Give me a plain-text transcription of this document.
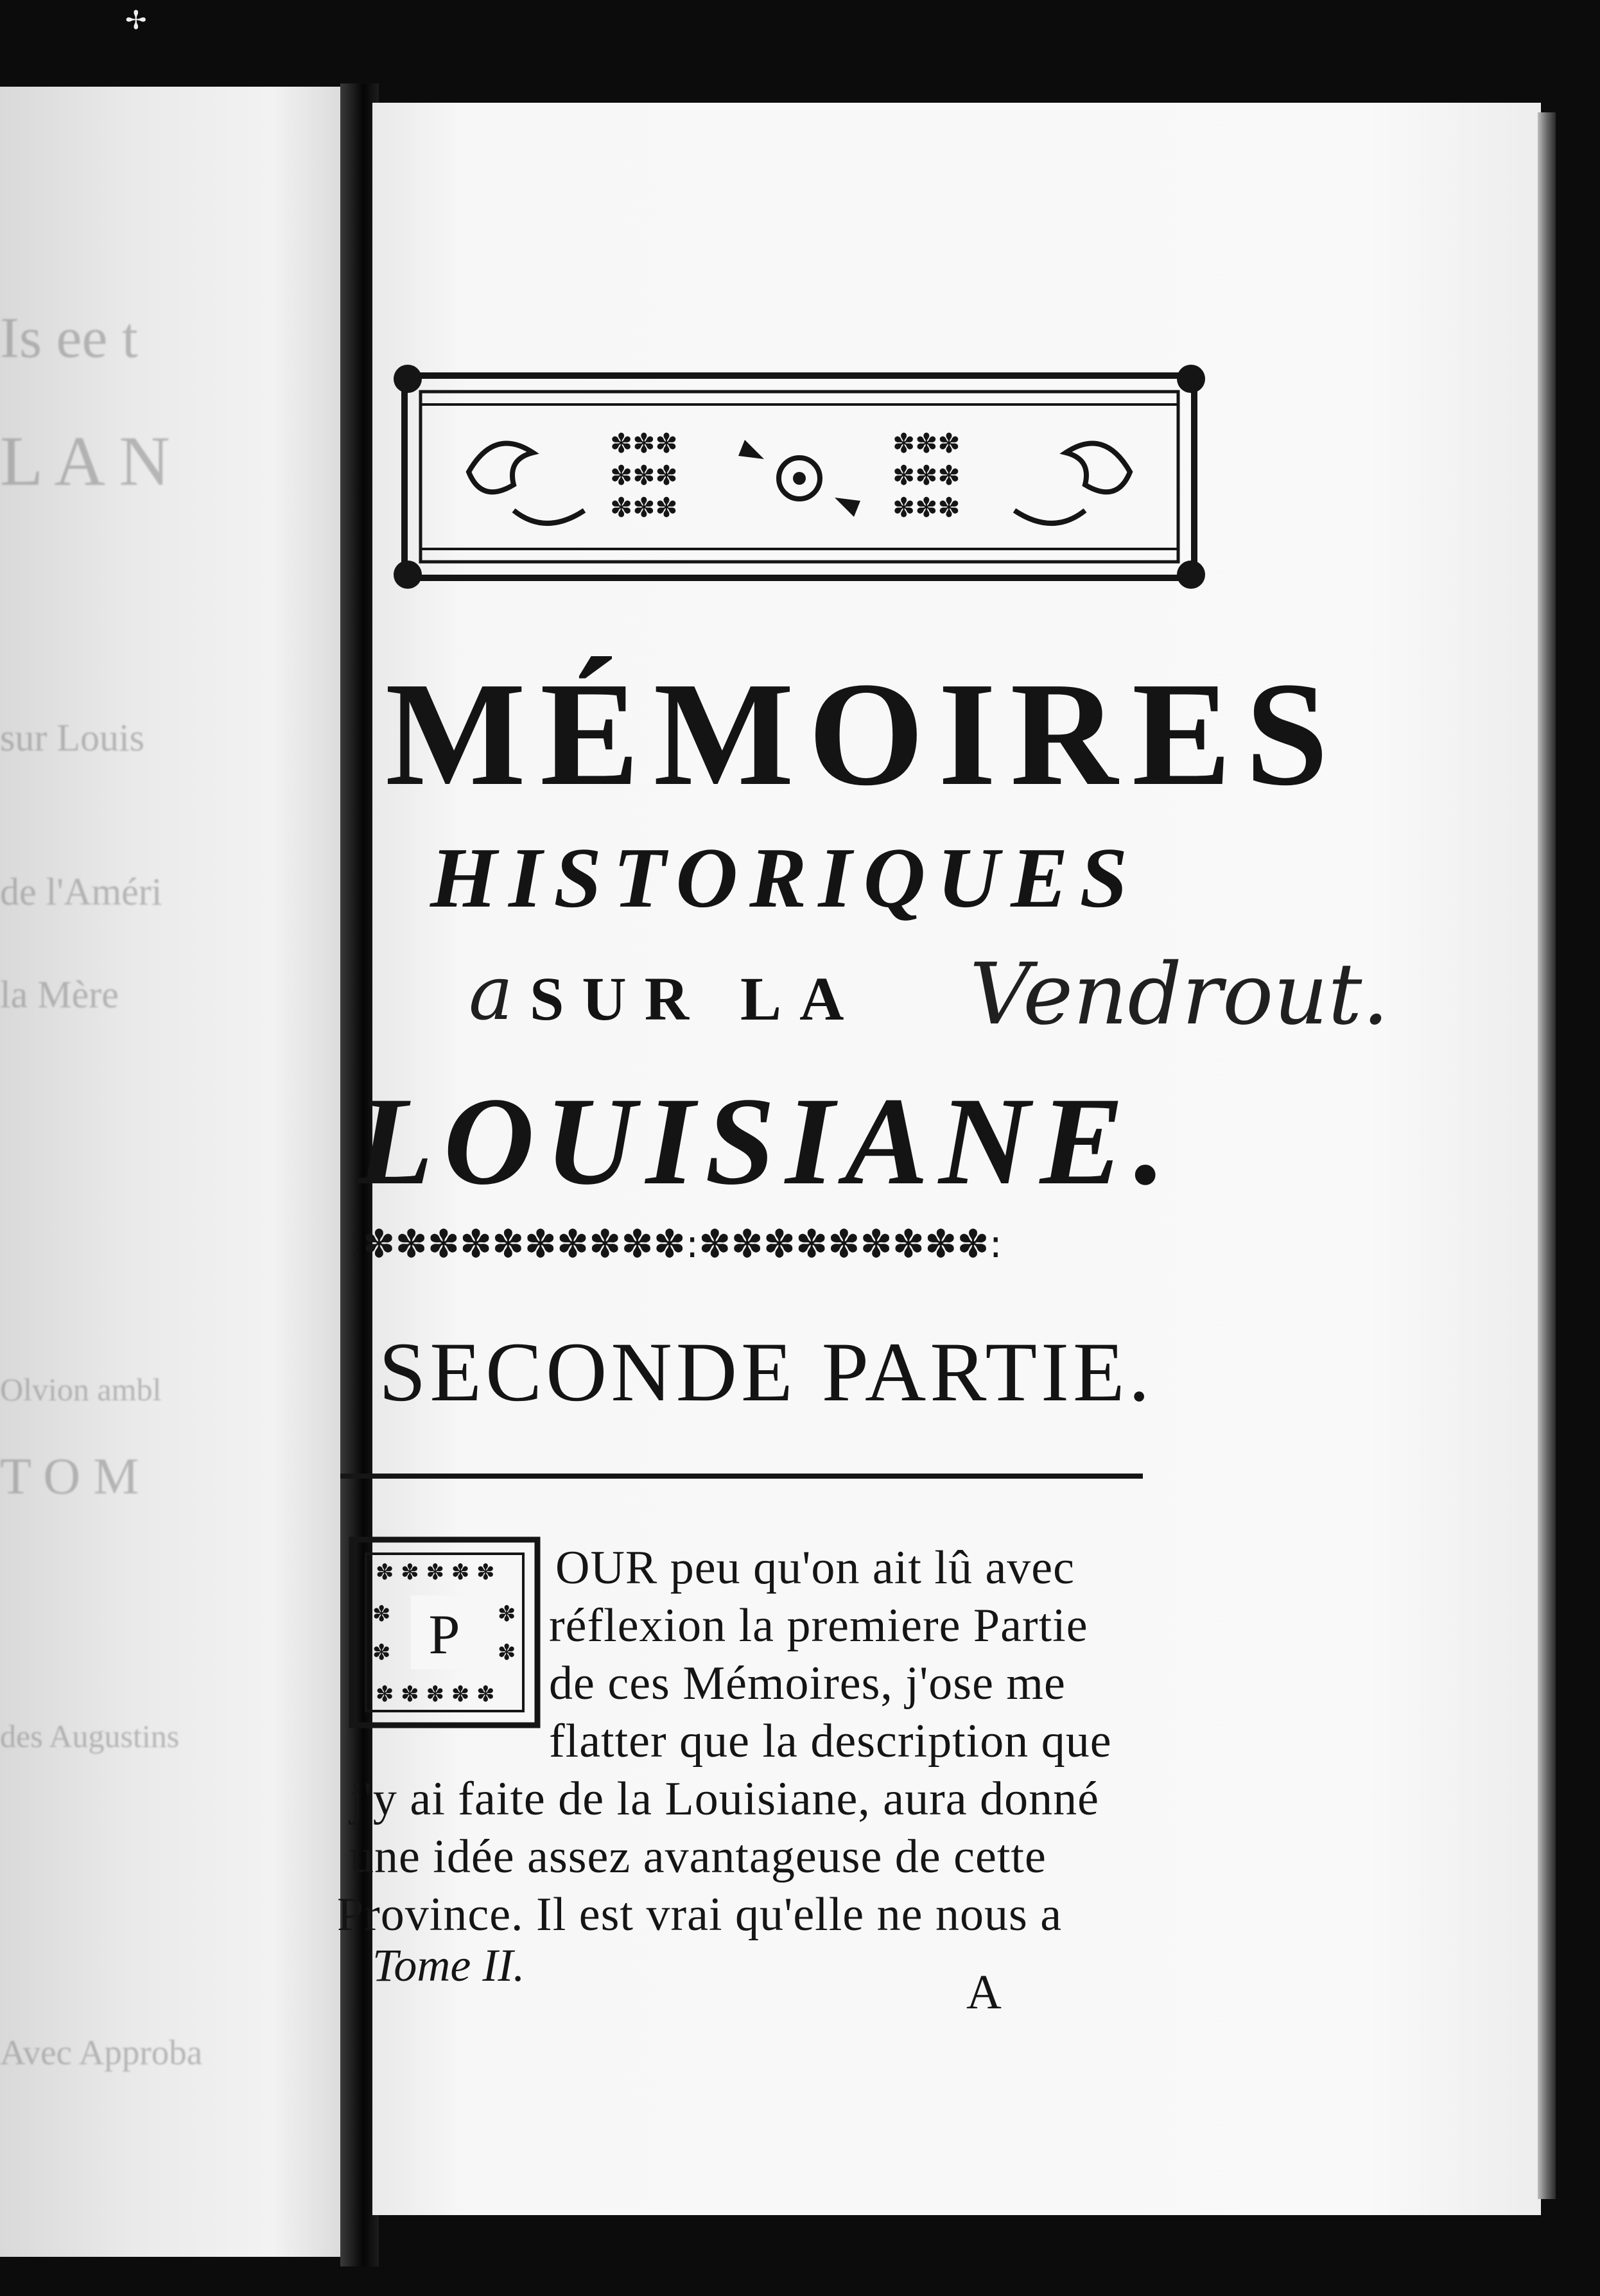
✢
Is ee t
L A N
sur Louis
de l'Améri
la Mère
Olvion ambl
T O M
des Augustins
Avec Approba
✽✽✽
✽✽✽
✽✽✽
✽✽✽
✽✽✽
✽✽✽
MÉMOIRES
HISTORIQUES
a SUR LA Vendrout.
LOUISIANE.
:✽✽✽✽✽✽✽✽✽✽:✽✽✽✽✽✽✽✽✽:
SECONDE PARTIE.
✽ ✽ ✽ ✽ ✽
✽ ✽ ✽ ✽ ✽
✽
✽
✽
✽
P
OUR peu qu'on ait lû avec
réflexion la premiere Partie
de ces Mémoires, j'ose me
flatter que la description que
j'y ai faite de la Louisiane, aura donné
une idée assez avantageuse de cette
Province. Il est vrai qu'elle ne nous a
Tome II.	A
